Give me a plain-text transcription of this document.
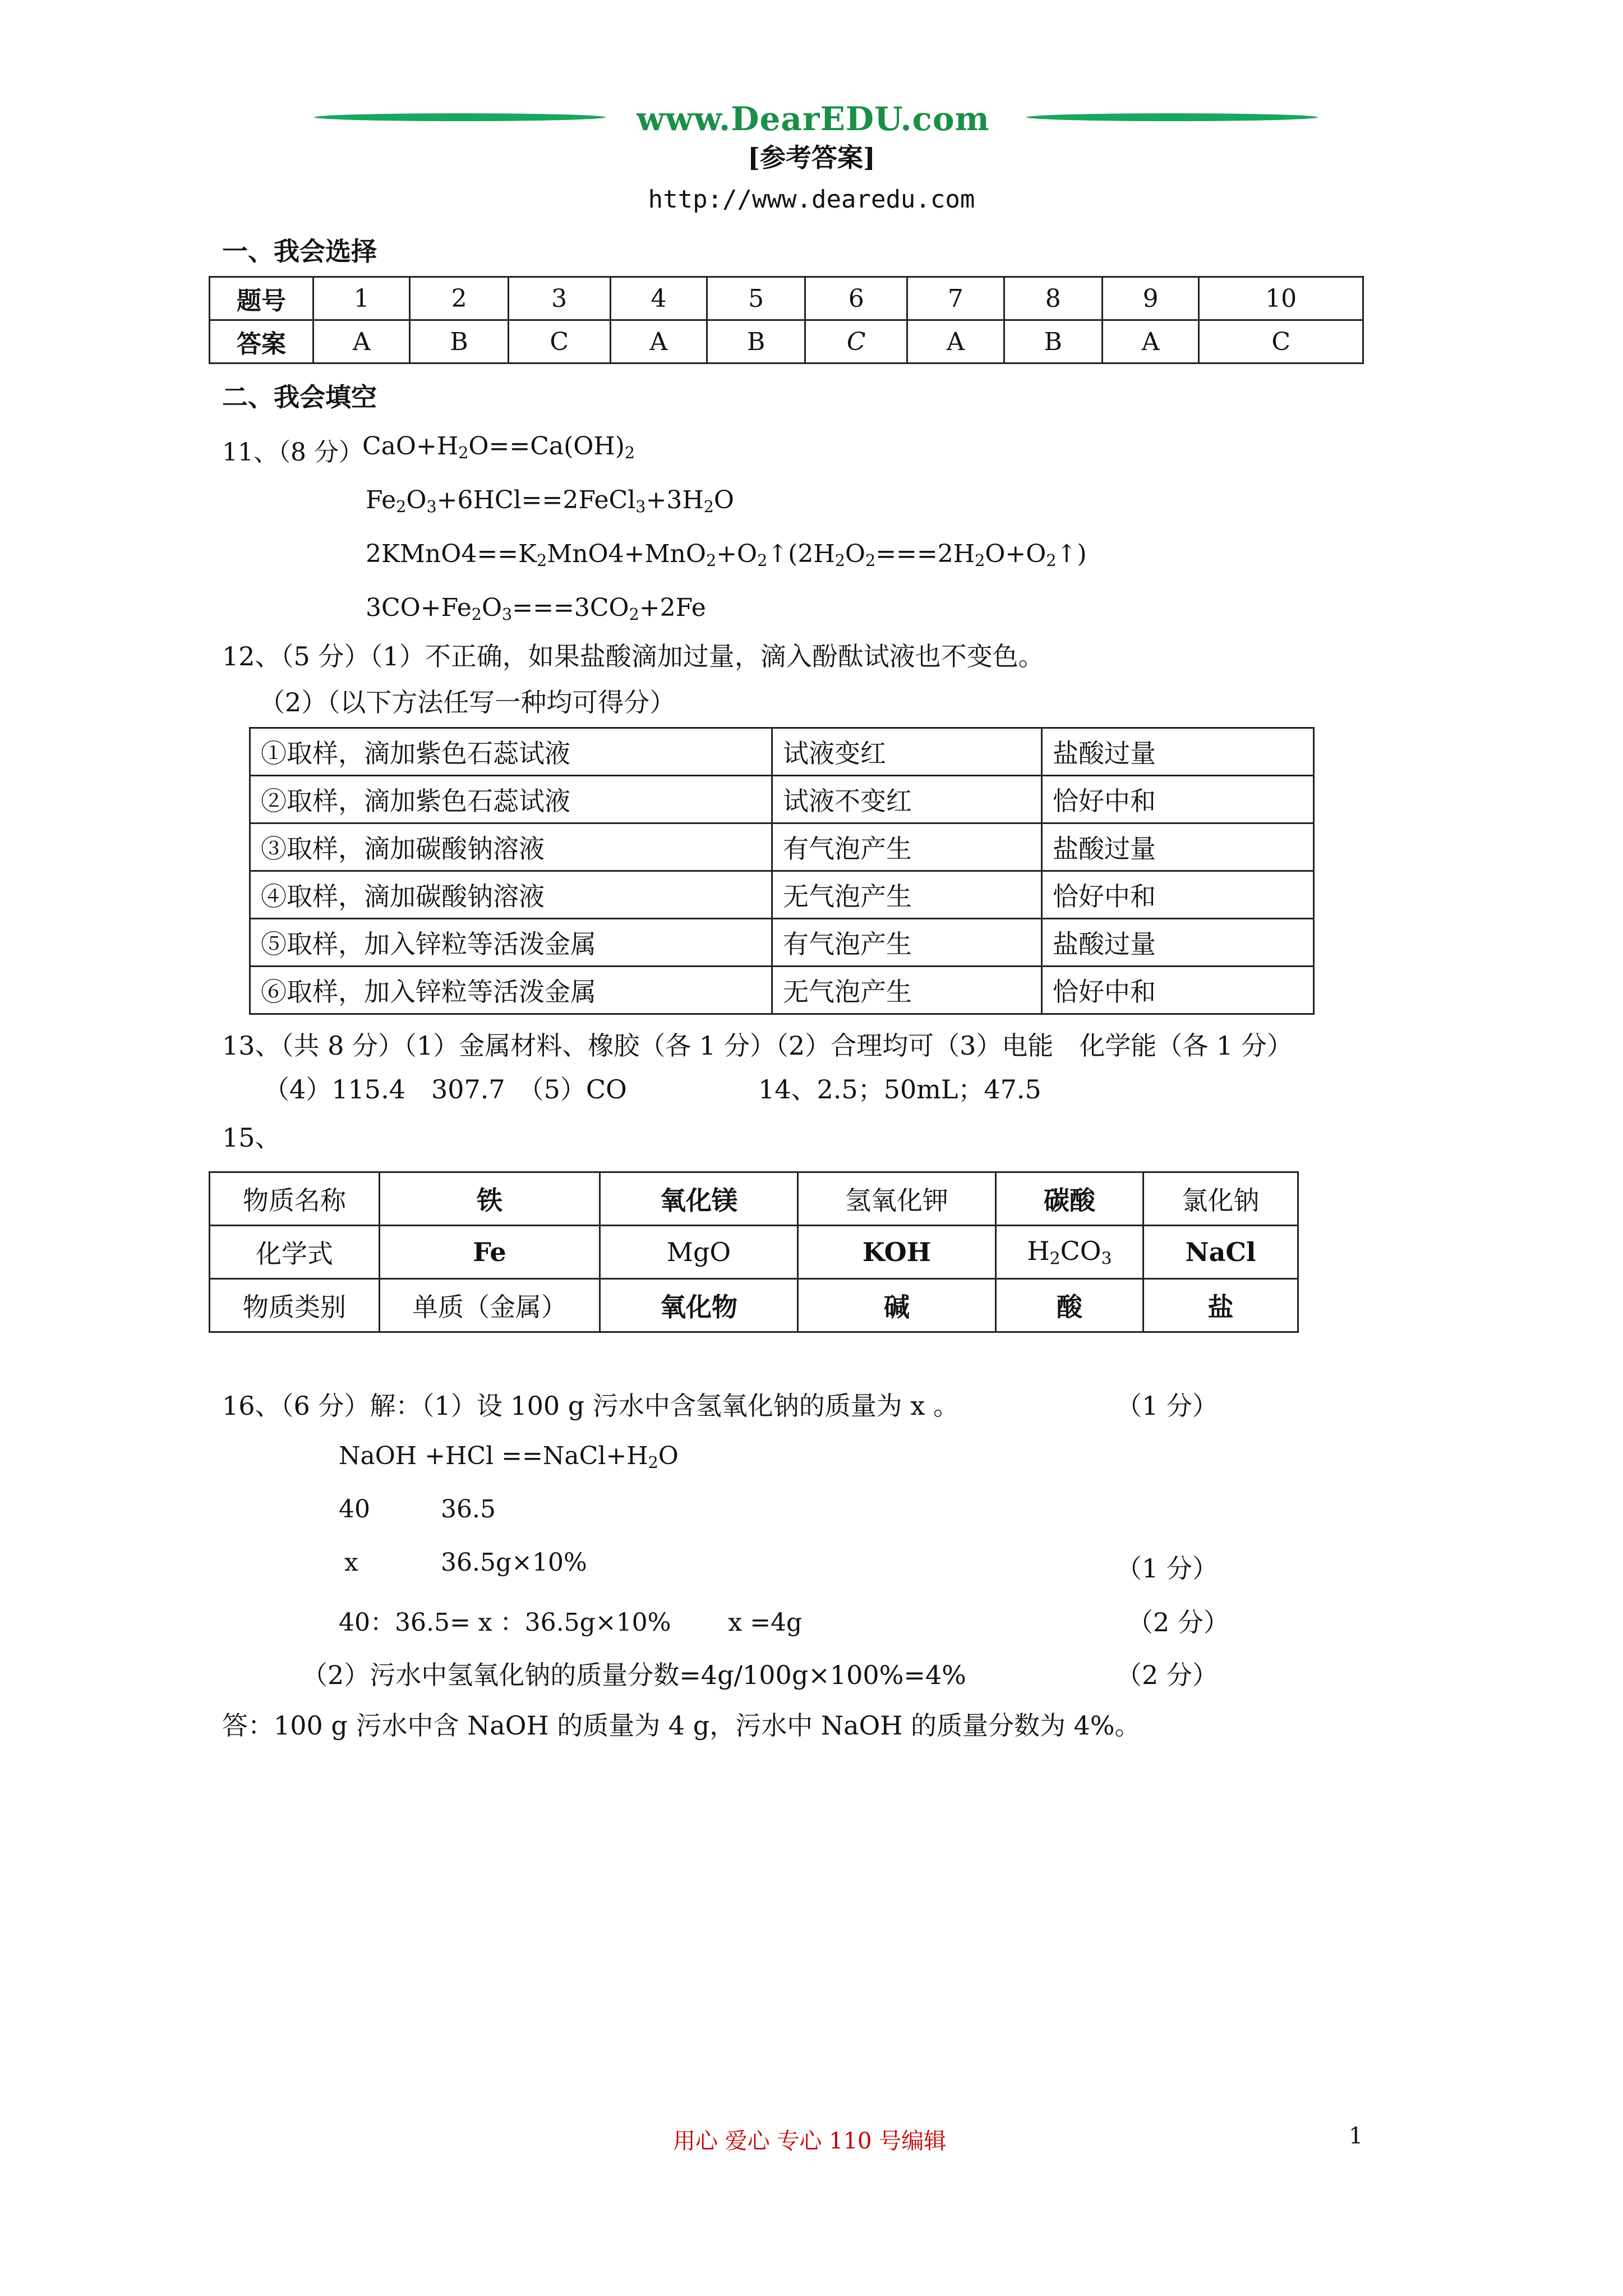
www.DearEDU.com
[参考答案]
http://www.dearedu.com
一、我会选择
题号	1	2	3	4	5	6	7	8	9	10
答案	A	B	C	A	B	C	A	B	A	C
二、我会填空
11、（8 分）
$CaO+H_2O==Ca(OH)_2$
$Fe_2O_3+6HCl==2FeCl_3+3H_2O$
$2KMnO4==K_2MnO4+MnO_2+O_2↑(2H_2O_2===2H_2O+O_2↑)$
$3CO+Fe_2O_3===3CO_2+2Fe$
12、（5 分）（1）不正确，如果盐酸滴加过量，滴入酚酞试液也不变色。
（2）（以下方法任写一种均可得分）
①取样，滴加紫色石蕊试液	试液变红	盐酸过量
②取样，滴加紫色石蕊试液	试液不变红	恰好中和
③取样，滴加碳酸钠溶液	有气泡产生	盐酸过量
④取样，滴加碳酸钠溶液	无气泡产生	恰好中和
⑤取样，加入锌粒等活泼金属	有气泡产生	盐酸过量
⑥取样，加入锌粒等活泼金属	无气泡产生	恰好中和
13、（共 8 分）（1）金属材料、橡胶（各 1 分）（2）合理均可（3）电能　化学能（各 1 分）
（4）115.4　307.7　（5）CO	14、2.5；50mL；47.5
15、
物质名称	铁	氧化镁	氢氧化钾	碳酸	氯化钠
化学式	Fe	MgO	KOH	$H_2CO_3$	NaCl
物质类别	单质（金属）	氧化物	碱	酸	盐
16、（6 分）解：（1）设 100 g 污水中含氢氧化钠的质量为 x 。	（1 分）
NaOH $+HCl ==NaCl+H_2O$
40	36.5
x	36.5g×10%	（1 分）
40：36.5= x ：36.5g×10%　　 x =4g	（2 分）
（2）污水中氢氧化钠的质量分数=4g/100g×100%=4%	（2 分）
答：100 g 污水中含 NaOH 的质量为 4 g，污水中 NaOH 的质量分数为 4%。
用心 爱心 专心 110 号编辑	1
